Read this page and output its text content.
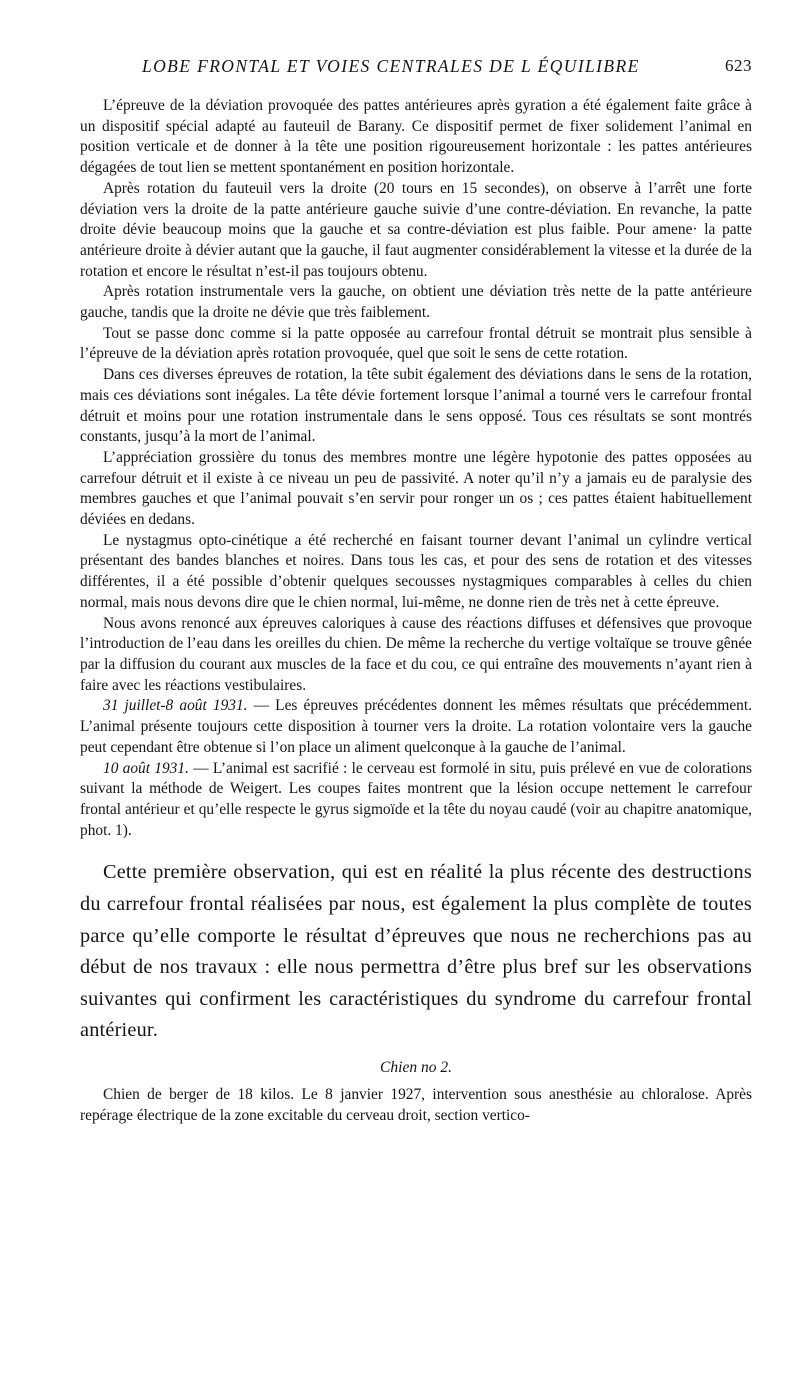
LOBE FRONTAL ET VOIES CENTRALES DE L ÉQUILIBRE	623

L’épreuve de la déviation provoquée des pattes antérieures après gyration a été également faite grâce à un dispositif spécial adapté au fauteuil de Barany. Ce dispositif permet de fixer solidement l’animal en position verticale et de donner à la tête une position rigoureusement horizontale : les pattes antérieures dégagées de tout lien se mettent spontanément en position horizontale.

Après rotation du fauteuil vers la droite (20 tours en 15 secondes), on observe à l’arrêt une forte déviation vers la droite de la patte antérieure gauche suivie d’une contre-déviation. En revanche, la patte droite dévie beaucoup moins que la gauche et sa contre-déviation est plus faible. Pour amene· la patte antérieure droite à dévier autant que la gauche, il faut augmenter considérablement la vitesse et la durée de la rotation et encore le résultat n’est-il pas toujours obtenu.

Après rotation instrumentale vers la gauche, on obtient une déviation très nette de la patte antérieure gauche, tandis que la droite ne dévie que très faiblement.

Tout se passe donc comme si la patte opposée au carrefour frontal détruit se montrait plus sensible à l’épreuve de la déviation après rotation provoquée, quel que soit le sens de cette rotation.

Dans ces diverses épreuves de rotation, la tête subit également des déviations dans le sens de la rotation, mais ces déviations sont inégales. La tête dévie fortement lorsque l’animal a tourné vers le carrefour frontal détruit et moins pour une rotation instrumentale dans le sens opposé. Tous ces résultats se sont montrés constants, jusqu’à la mort de l’animal.

L’appréciation grossière du tonus des membres montre une légère hypotonie des pattes opposées au carrefour détruit et il existe à ce niveau un peu de passivité. A noter qu’il n’y a jamais eu de paralysie des membres gauches et que l’animal pouvait s’en servir pour ronger un os ; ces pattes étaient habituellement déviées en dedans.

Le nystagmus opto-cinétique a été recherché en faisant tourner devant l’animal un cylindre vertical présentant des bandes blanches et noires. Dans tous les cas, et pour des sens de rotation et des vitesses différentes, il a été possible d’obtenir quelques secousses nystagmiques comparables à celles du chien normal, mais nous devons dire que le chien normal, lui-même, ne donne rien de très net à cette épreuve.

Nous avons renoncé aux épreuves caloriques à cause des réactions diffuses et défensives que provoque l’introduction de l’eau dans les oreilles du chien. De même la recherche du vertige voltaïque se trouve gênée par la diffusion du courant aux muscles de la face et du cou, ce qui entraîne des mouvements n’ayant rien à faire avec les réactions vestibulaires.

31 juillet-8 août 1931. — Les épreuves précédentes donnent les mêmes résultats que précédemment. L’animal présente toujours cette disposition à tourner vers la droite. La rotation volontaire vers la gauche peut cependant être obtenue si l’on place un aliment quelconque à la gauche de l’animal.

10 août 1931. — L’animal est sacrifié : le cerveau est formolé in situ, puis prélevé en vue de colorations suivant la méthode de Weigert. Les coupes faites montrent que la lésion occupe nettement le carrefour frontal antérieur et qu’elle respecte le gyrus sigmoïde et la tête du noyau caudé (voir au chapitre anatomique, phot. 1).

Cette première observation, qui est en réalité la plus récente des destructions du carrefour frontal réalisées par nous, est également la plus complète de toutes parce qu’elle comporte le résultat d’épreuves que nous ne recherchions pas au début de nos travaux : elle nous permettra d’être plus bref sur les observations suivantes qui confirment les caractéristiques du syndrome du carrefour frontal antérieur.

Chien no 2.

Chien de berger de 18 kilos. Le 8 janvier 1927, intervention sous anesthésie au chloralose. Après repérage électrique de la zone excitable du cerveau droit, section vertico-
